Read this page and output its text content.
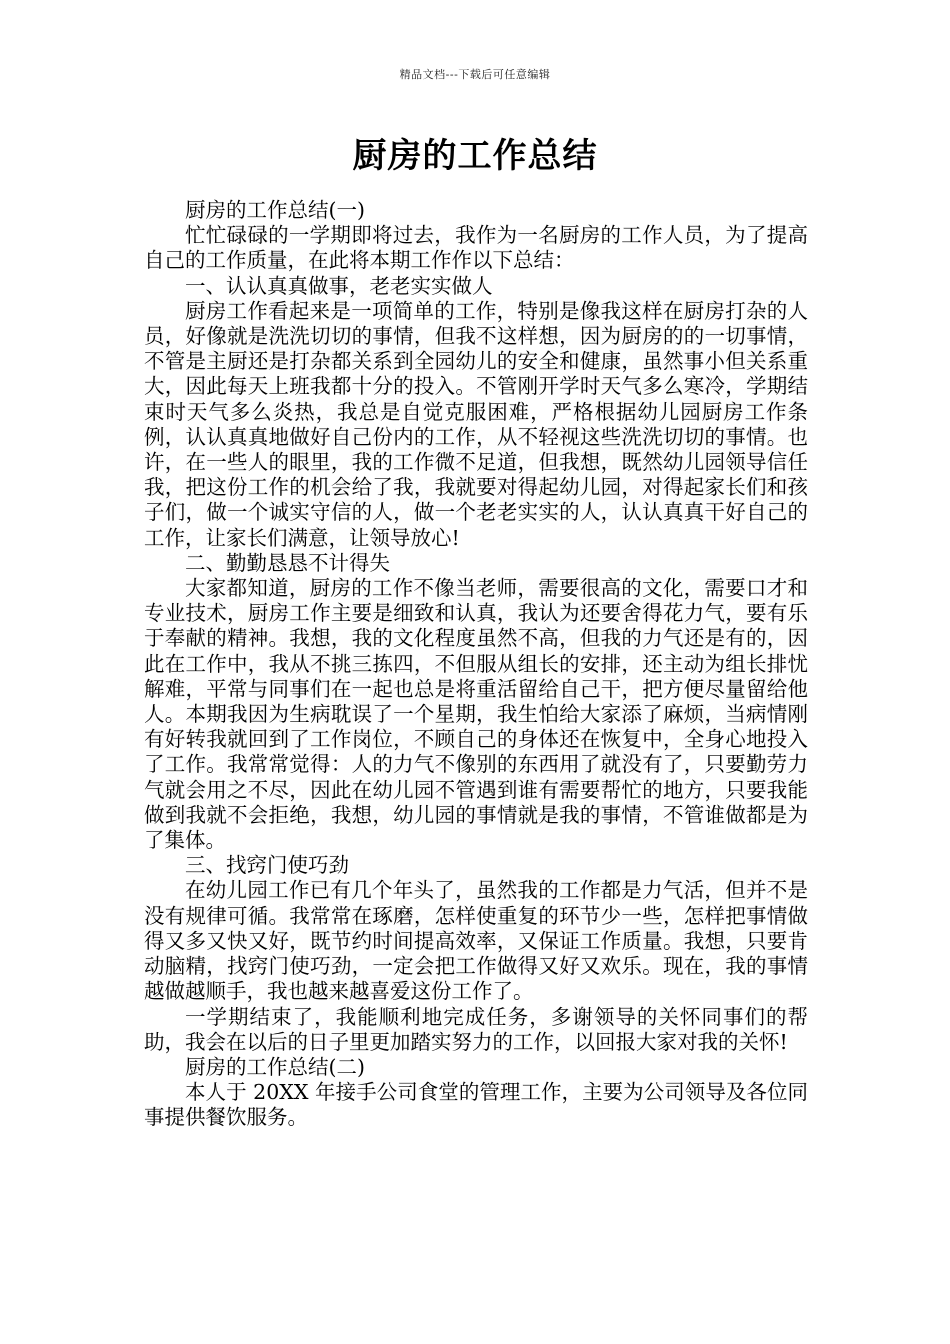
精品文档---下载后可任意编辑
厨房的工作总结

厨房的工作总结(一)

忙忙碌碌的一学期即将过去，我作为一名厨房的工作人员，为了提高自己的工作质量，在此将本期工作作以下总结：

一、认认真真做事，老老实实做人

厨房工作看起来是一项简单的工作，特别是像我这样在厨房打杂的人员，好像就是洗洗切切的事情，但我不这样想，因为厨房的的一切事情，不管是主厨还是打杂都关系到全园幼儿的安全和健康，虽然事小但关系重大，因此每天上班我都十分的投入。不管刚开学时天气多么寒冷，学期结束时天气多么炎热，我总是自觉克服困难，严格根据幼儿园厨房工作条例，认认真真地做好自己份内的工作，从不轻视这些洗洗切切的事情。也许，在一些人的眼里，我的工作微不足道，但我想，既然幼儿园领导信任我，把这份工作的机会给了我，我就要对得起幼儿园，对得起家长们和孩子们，做一个诚实守信的人，做一个老老实实的人，认认真真干好自己的工作，让家长们满意，让领导放心!

二、勤勤恳恳不计得失

大家都知道，厨房的工作不像当老师，需要很高的文化，需要口才和专业技术，厨房工作主要是细致和认真，我认为还要舍得花力气，要有乐于奉献的精神。我想，我的文化程度虽然不高，但我的力气还是有的，因此在工作中，我从不挑三拣四，不但服从组长的安排，还主动为组长排忧解难，平常与同事们在一起也总是将重活留给自己干，把方便尽量留给他人。本期我因为生病耽误了一个星期，我生怕给大家添了麻烦，当病情刚有好转我就回到了工作岗位，不顾自己的身体还在恢复中，全身心地投入了工作。我常常觉得：人的力气不像别的东西用了就没有了，只要勤劳力气就会用之不尽，因此在幼儿园不管遇到谁有需要帮忙的地方，只要我能做到我就不会拒绝，我想，幼儿园的事情就是我的事情，不管谁做都是为了集体。

三、找窍门使巧劲

在幼儿园工作已有几个年头了，虽然我的工作都是力气活，但并不是没有规律可循。我常常在琢磨，怎样使重复的环节少一些，怎样把事情做得又多又快又好，既节约时间提高效率，又保证工作质量。我想，只要肯动脑精，找窍门使巧劲，一定会把工作做得又好又欢乐。现在，我的事情越做越顺手，我也越来越喜爱这份工作了。

一学期结束了，我能顺利地完成任务，多谢领导的关怀同事们的帮助，我会在以后的日子里更加踏实努力的工作，以回报大家对我的关怀!

厨房的工作总结(二)

本人于 20XX 年接手公司食堂的管理工作，主要为公司领导及各位同事提供餐饮服务。
